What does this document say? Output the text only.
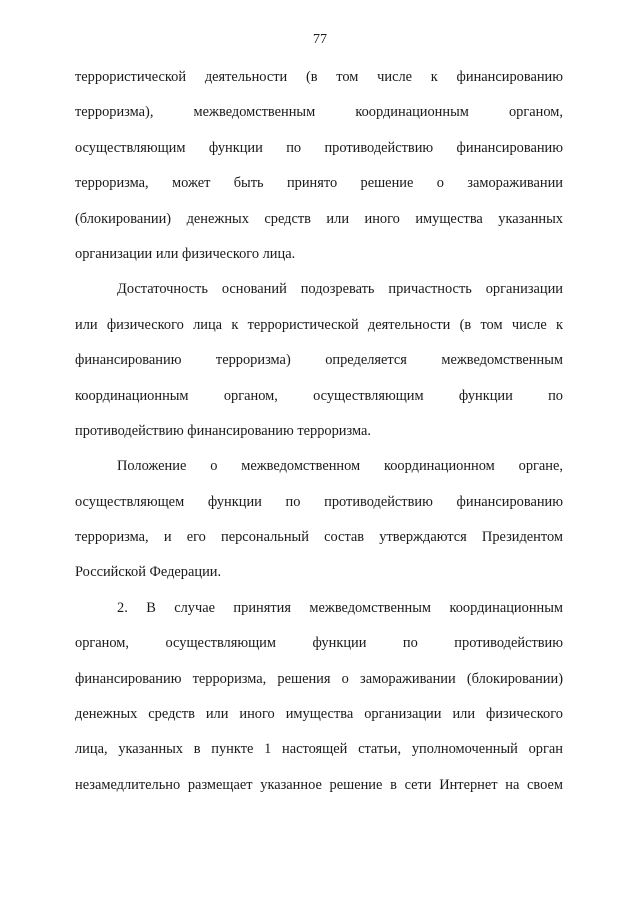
77
террористической деятельности (в том числе к финансированию
терроризма), межведомственным координационным органом,
осуществляющим функции по противодействию финансированию
терроризма, может быть принято решение о замораживании
(блокировании) денежных средств или иного имущества указанных
организации или физического лица.
Достаточность оснований подозревать причастность организации
или физического лица к террористической деятельности (в том числе к
финансированию терроризма) определяется межведомственным
координационным органом, осуществляющим функции по
противодействию финансированию терроризма.
Положение о межведомственном координационном органе,
осуществляющем функции по противодействию финансированию
терроризма, и его персональный состав утверждаются Президентом
Российской Федерации.
2. В случае принятия межведомственным координационным
органом, осуществляющим функции по противодействию
финансированию терроризма, решения о замораживании (блокировании)
денежных средств или иного имущества организации или физического
лица, указанных в пункте 1 настоящей статьи, уполномоченный орган
незамедлительно размещает указанное решение в сети Интернет на своем
